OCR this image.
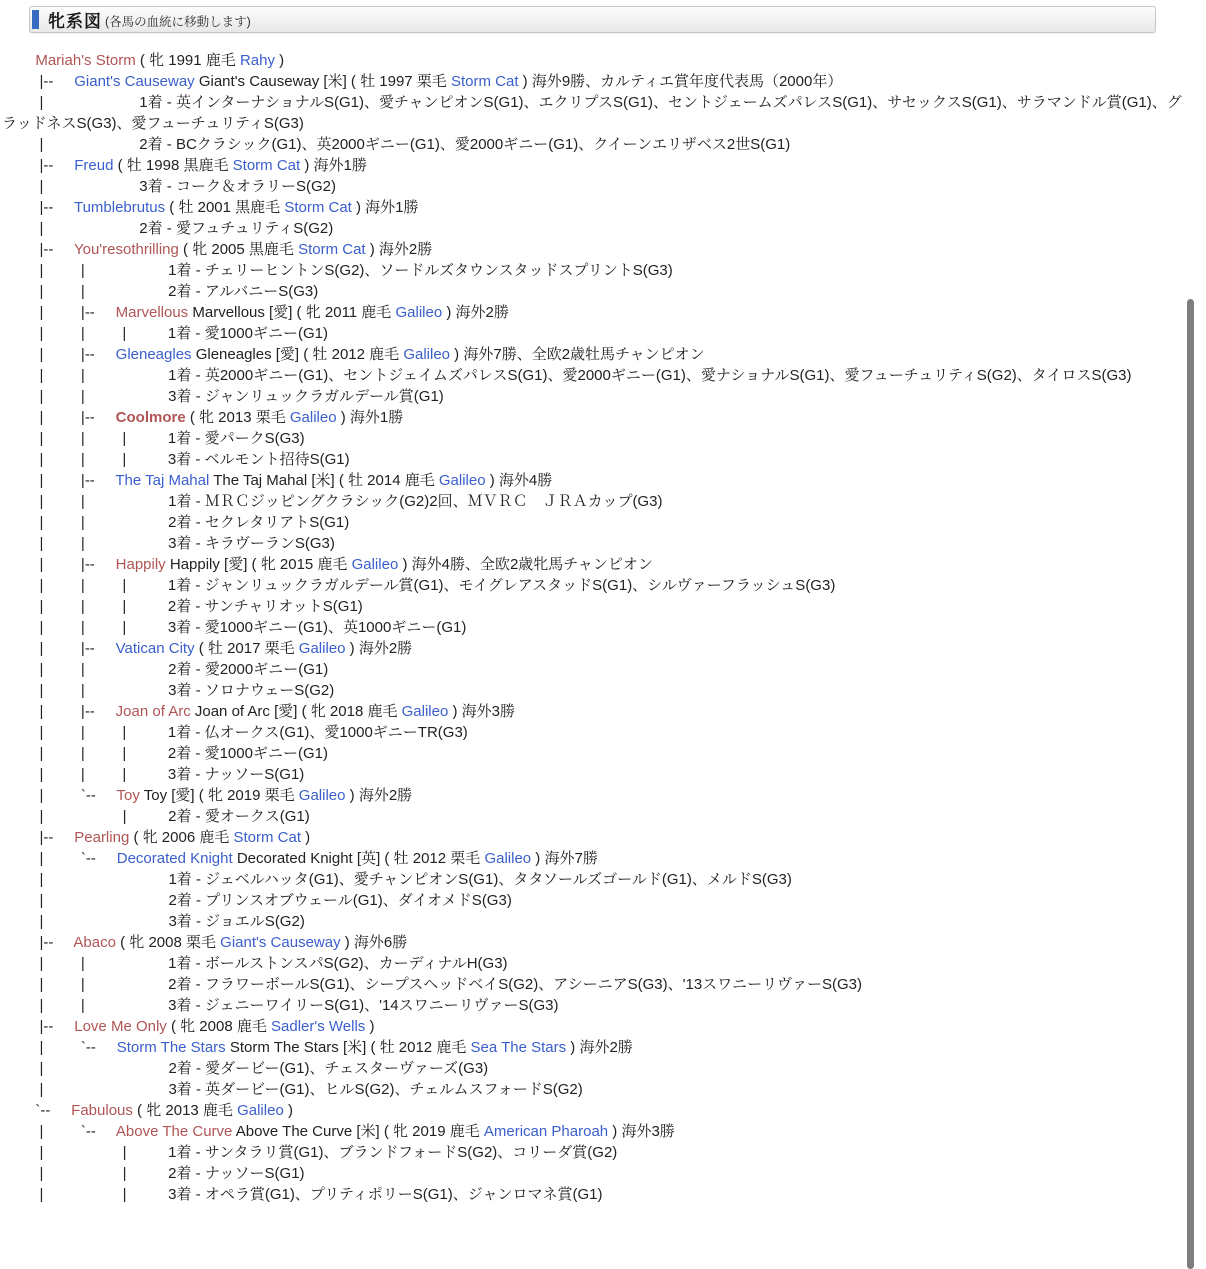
牝系図 (各馬の血統に移動します)
Mariah's Storm ( 牝 1991 鹿毛 Rahy )
|--     Giant's Causeway Giant's Causeway [米] ( 牡 1997 栗毛 Storm Cat ) 海外9勝、カルティエ賞年度代表馬（2000年）
|                       1着 - 英インターナショナルS(G1)、愛チャンピオンS(G1)、エクリプスS(G1)、セントジェームズパレスS(G1)、サセックスS(G1)、サラマンドル賞(G1)、グラッドネスS(G3)、愛フューチュリティS(G3)
|                       2着 - BCクラシック(G1)、英2000ギニー(G1)、愛2000ギニー(G1)、クイーンエリザベス2世S(G1)
|--     Freud ( 牡 1998 黒鹿毛 Storm Cat ) 海外1勝
|                       3着 - コーク＆オラリーS(G2)
|--     Tumblebrutus ( 牡 2001 黒鹿毛 Storm Cat ) 海外1勝
|                       2着 - 愛フュチュリティS(G2)
|--     You'resothrilling ( 牝 2005 黒鹿毛 Storm Cat ) 海外2勝
|         |                    1着 - チェリーヒントンS(G2)、ソードルズタウンスタッドスプリントS(G3)
|         |                    2着 - アルバニーS(G3)
|         |--     Marvellous Marvellous [愛] ( 牝 2011 鹿毛 Galileo ) 海外2勝
|         |         |          1着 - 愛1000ギニー(G1)
|         |--     Gleneagles Gleneagles [愛] ( 牡 2012 鹿毛 Galileo ) 海外7勝、全欧2歳牡馬チャンピオン
|         |                    1着 - 英2000ギニー(G1)、セントジェイムズパレスS(G1)、愛2000ギニー(G1)、愛ナショナルS(G1)、愛フューチュリティS(G2)、タイロスS(G3)
|         |                    3着 - ジャンリュックラガルデール賞(G1)
|         |--     Coolmore ( 牝 2013 栗毛 Galileo ) 海外1勝
|         |         |          1着 - 愛パークS(G3)
|         |         |          3着 - ベルモント招待S(G1)
|         |--     The Taj Mahal The Taj Mahal [米] ( 牡 2014 鹿毛 Galileo ) 海外4勝
|         |                    1着 - ＭＲＣジッピングクラシック(G2)2回、ＭＶＲＣ　ＪＲＡカップ(G3)
|         |                    2着 - セクレタリアトS(G1)
|         |                    3着 - キラヴーランS(G3)
|         |--     Happily Happily [愛] ( 牝 2015 鹿毛 Galileo ) 海外4勝、全欧2歳牝馬チャンピオン
|         |         |          1着 - ジャンリュックラガルデール賞(G1)、モイグレアスタッドS(G1)、シルヴァーフラッシュS(G3)
|         |         |          2着 - サンチャリオットS(G1)
|         |         |          3着 - 愛1000ギニー(G1)、英1000ギニー(G1)
|         |--     Vatican City ( 牡 2017 栗毛 Galileo ) 海外2勝
|         |                    2着 - 愛2000ギニー(G1)
|         |                    3着 - ソロナウェーS(G2)
|         |--     Joan of Arc Joan of Arc [愛] ( 牝 2018 鹿毛 Galileo ) 海外3勝
|         |         |          1着 - 仏オークス(G1)、愛1000ギニーTR(G3)
|         |         |          2着 - 愛1000ギニー(G1)
|         |         |          3着 - ナッソーS(G1)
|         `--     Toy Toy [愛] ( 牝 2019 栗毛 Galileo ) 海外2勝
|                   |          2着 - 愛オークス(G1)
|--     Pearling ( 牝 2006 鹿毛 Storm Cat )
|         `--     Decorated Knight Decorated Knight [英] ( 牡 2012 栗毛 Galileo ) 海外7勝
|                              1着 - ジェベルハッタ(G1)、愛チャンピオンS(G1)、タタソールズゴールド(G1)、メルドS(G3)
|                              2着 - プリンスオブウェール(G1)、ダイオメドS(G3)
|                              3着 - ジョエルS(G2)
|--     Abaco ( 牝 2008 栗毛 Giant's Causeway ) 海外6勝
|         |                    1着 - ボールストンスパS(G2)、カーディナルH(G3)
|         |                    2着 - フラワーボールS(G1)、シープスヘッドベイS(G2)、アシーニアS(G3)、'13スワニーリヴァーS(G3)
|         |                    3着 - ジェニーワイリーS(G1)、'14スワニーリヴァーS(G3)
|--     Love Me Only ( 牝 2008 鹿毛 Sadler's Wells )
|         `--     Storm The Stars Storm The Stars [米] ( 牡 2012 鹿毛 Sea The Stars ) 海外2勝
|                              2着 - 愛ダービー(G1)、チェスターヴァーズ(G3)
|                              3着 - 英ダービー(G1)、ヒルS(G2)、チェルムスフォードS(G2)
`--     Fabulous ( 牝 2013 鹿毛 Galileo )
|         `--     Above The Curve Above The Curve [米] ( 牝 2019 鹿毛 American Pharoah ) 海外3勝
|                   |          1着 - サンタラリ賞(G1)、ブランドフォードS(G2)、コリーダ賞(G2)
|                   |          2着 - ナッソーS(G1)
|                   |          3着 - オペラ賞(G1)、プリティポリーS(G1)、ジャンロマネ賞(G1)
